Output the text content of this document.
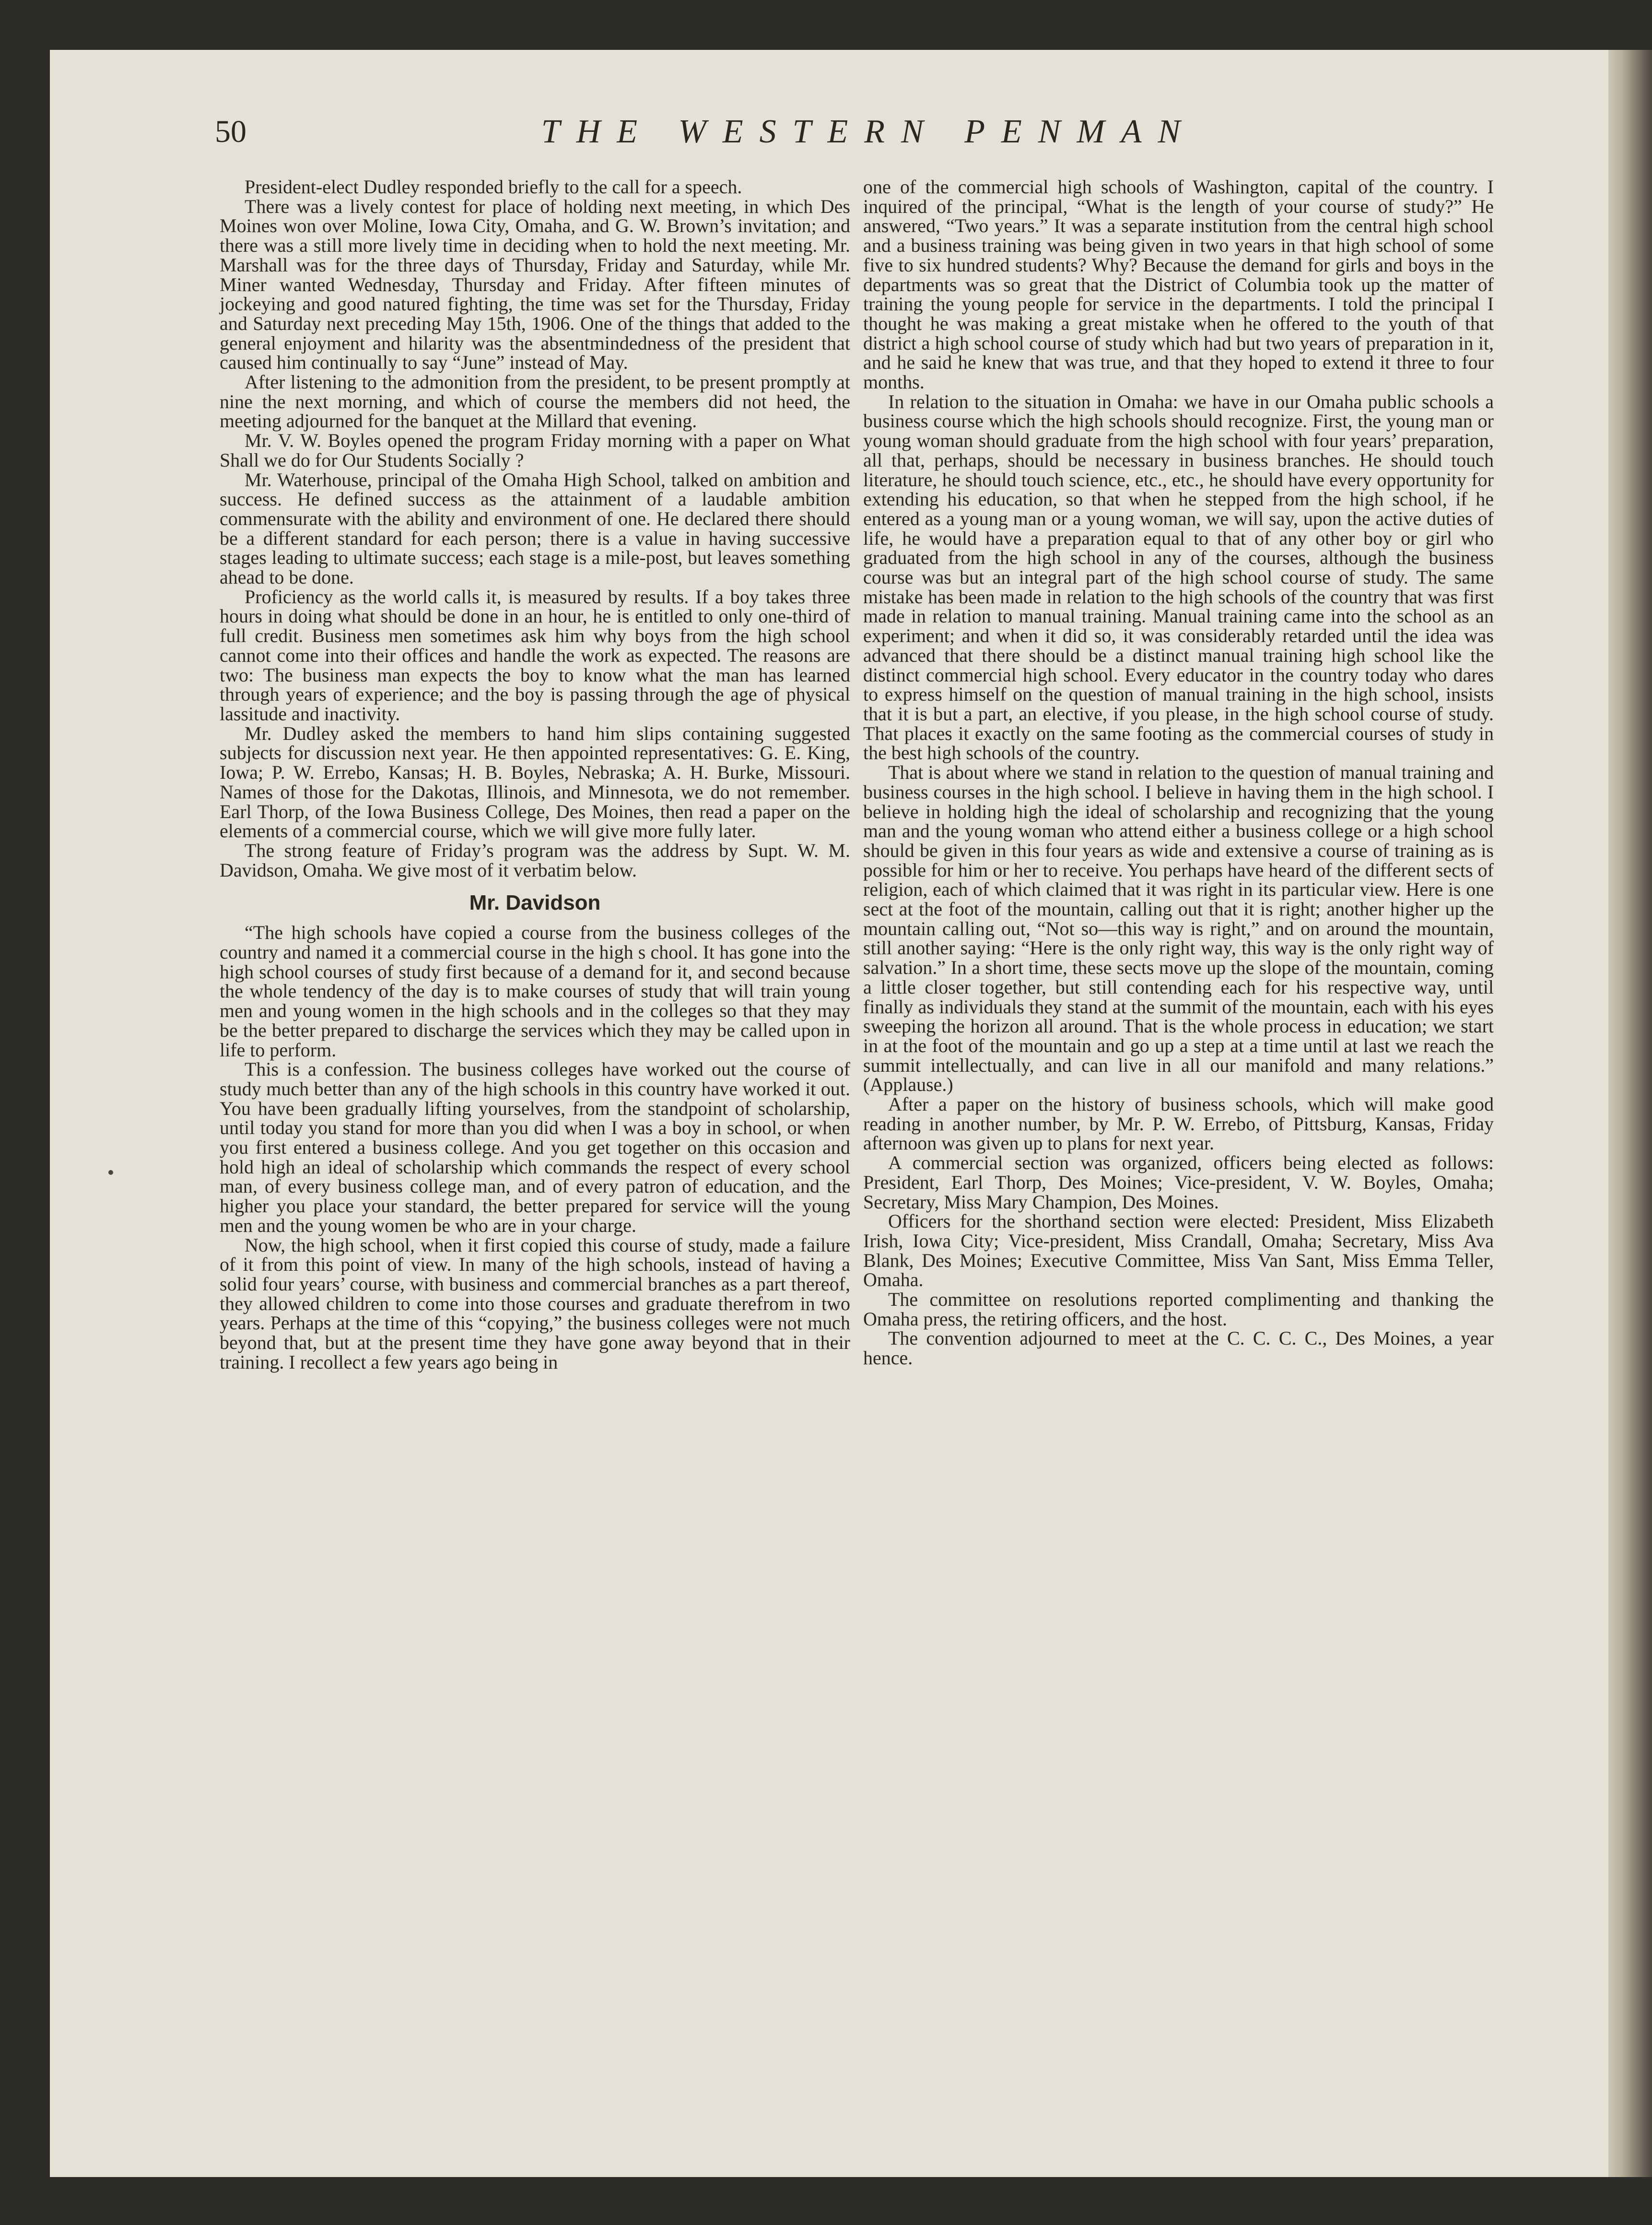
50	THE WESTERN PENMAN

President-elect Dudley responded briefly to the call for a speech.

There was a lively contest for place of holding next meeting, in which Des Moines won over Moline, Iowa City, Omaha, and G. W. Brown’s invitation; and there was a still more lively time in deciding when to hold the next meeting. Mr. Marshall was for the three days of Thursday, Friday and Saturday, while Mr. Miner wanted Wednesday, Thursday and Friday. After fifteen minutes of jockeying and good natured fighting, the time was set for the Thursday, Friday and Saturday next preceding May 15th, 1906. One of the things that added to the general enjoyment and hilarity was the absentmindedness of the president that caused him continually to say “June” instead of May.

After listening to the admonition from the president, to be present promptly at nine the next morning, and which of course the members did not heed, the meeting adjourned for the banquet at the Millard that evening.

Mr. V. W. Boyles opened the program Friday morning with a paper on What Shall we do for Our Students Socially ?

Mr. Waterhouse, principal of the Omaha High School, talked on ambition and success. He defined success as the attainment of a laudable ambition commensurate with the ability and environment of one. He declared there should be a different standard for each person; there is a value in having successive stages leading to ultimate success; each stage is a mile-post, but leaves something ahead to be done.

Proficiency as the world calls it, is measured by results. If a boy takes three hours in doing what should be done in an hour, he is entitled to only one-third of full credit. Business men sometimes ask him why boys from the high school cannot come into their offices and handle the work as expected. The reasons are two: The business man expects the boy to know what the man has learned through years of experience; and the boy is passing through the age of physical lassitude and inactivity.

Mr. Dudley asked the members to hand him slips containing suggested subjects for discussion next year. He then appointed representatives: G. E. King, Iowa; P. W. Errebo, Kansas; H. B. Boyles, Nebraska; A. H. Burke, Missouri. Names of those for the Dakotas, Illinois, and Minnesota, we do not remember. Earl Thorp, of the Iowa Business College, Des Moines, then read a paper on the elements of a commercial course, which we will give more fully later.

The strong feature of Friday’s program was the address by Supt. W. M. Davidson, Omaha. We give most of it verbatim below.

Mr. Davidson

“The high schools have copied a course from the business colleges of the country and named it a commercial course in the high s chool. It has gone into the high school courses of study first because of a demand for it, and second because the whole tendency of the day is to make courses of study that will train young men and young women in the high schools and in the colleges so that they may be the better prepared to discharge the services which they may be called upon in life to perform.

This is a confession. The business colleges have worked out the course of study much better than any of the high schools in this country have worked it out. You have been gradually lifting yourselves, from the standpoint of scholarship, until today you stand for more than you did when I was a boy in school, or when you first entered a business college. And you get together on this occasion and hold high an ideal of scholarship which commands the respect of every school man, of every business college man, and of every patron of education, and the higher you place your standard, the better prepared for service will the young men and the young women be who are in your charge.

Now, the high school, when it first copied this course of study, made a failure of it from this point of view. In many of the high schools, instead of having a solid four years’ course, with business and commercial branches as a part thereof, they allowed children to come into those courses and graduate therefrom in two years. Perhaps at the time of this “copying,” the business colleges were not much beyond that, but at the present time they have gone away beyond that in their training. I recollect a few years ago being in

one of the commercial high schools of Washington, capital of the country. I inquired of the principal, “What is the length of your course of study?” He answered, “Two years.” It was a separate institution from the central high school and a business training was being given in two years in that high school of some five to six hundred students? Why? Because the demand for girls and boys in the departments was so great that the District of Columbia took up the matter of training the young people for service in the departments. I told the principal I thought he was making a great mistake when he offered to the youth of that district a high school course of study which had but two years of preparation in it, and he said he knew that was true, and that they hoped to extend it three to four months.

In relation to the situation in Omaha: we have in our Omaha public schools a business course which the high schools should recognize. First, the young man or young woman should graduate from the high school with four years’ preparation, all that, perhaps, should be necessary in business branches. He should touch literature, he should touch science, etc., etc., he should have every opportunity for extending his education, so that when he stepped from the high school, if he entered as a young man or a young woman, we will say, upon the active duties of life, he would have a preparation equal to that of any other boy or girl who graduated from the high school in any of the courses, although the business course was but an integral part of the high school course of study. The same mistake has been made in relation to the high schools of the country that was first made in relation to manual training. Manual training came into the school as an experiment; and when it did so, it was considerably retarded until the idea was advanced that there should be a distinct manual training high school like the distinct commercial high school. Every educator in the country today who dares to express himself on the question of manual training in the high school, insists that it is but a part, an elective, if you please, in the high school course of study. That places it exactly on the same footing as the commercial courses of study in the best high schools of the country.

That is about where we stand in relation to the question of manual training and business courses in the high school. I believe in having them in the high school. I believe in holding high the ideal of scholarship and recognizing that the young man and the young woman who attend either a business college or a high school should be given in this four years as wide and extensive a course of training as is possible for him or her to receive. You perhaps have heard of the different sects of religion, each of which claimed that it was right in its particular view. Here is one sect at the foot of the mountain, calling out that it is right; another higher up the mountain calling out, “Not so—this way is right,” and on around the mountain, still another saying: “Here is the only right way, this way is the only right way of salvation.” In a short time, these sects move up the slope of the mountain, coming a little closer together, but still contending each for his respective way, until finally as individuals they stand at the summit of the mountain, each with his eyes sweeping the horizon all around. That is the whole process in education; we start in at the foot of the mountain and go up a step at a time until at last we reach the summit intellectually, and can live in all our manifold and many relations.” (Applause.)

After a paper on the history of business schools, which will make good reading in another number, by Mr. P. W. Errebo, of Pittsburg, Kansas, Friday afternoon was given up to plans for next year.

A commercial section was organized, officers being elected as follows: President, Earl Thorp, Des Moines; Vice-president, V. W. Boyles, Omaha; Secretary, Miss Mary Champion, Des Moines.

Officers for the shorthand section were elected: President, Miss Elizabeth Irish, Iowa City; Vice-president, Miss Crandall, Omaha; Secretary, Miss Ava Blank, Des Moines; Executive Committee, Miss Van Sant, Miss Emma Teller, Omaha.

The committee on resolutions reported complimenting and thanking the Omaha press, the retiring officers, and the host.

The convention adjourned to meet at the C. C. C. C., Des Moines, a year hence.
